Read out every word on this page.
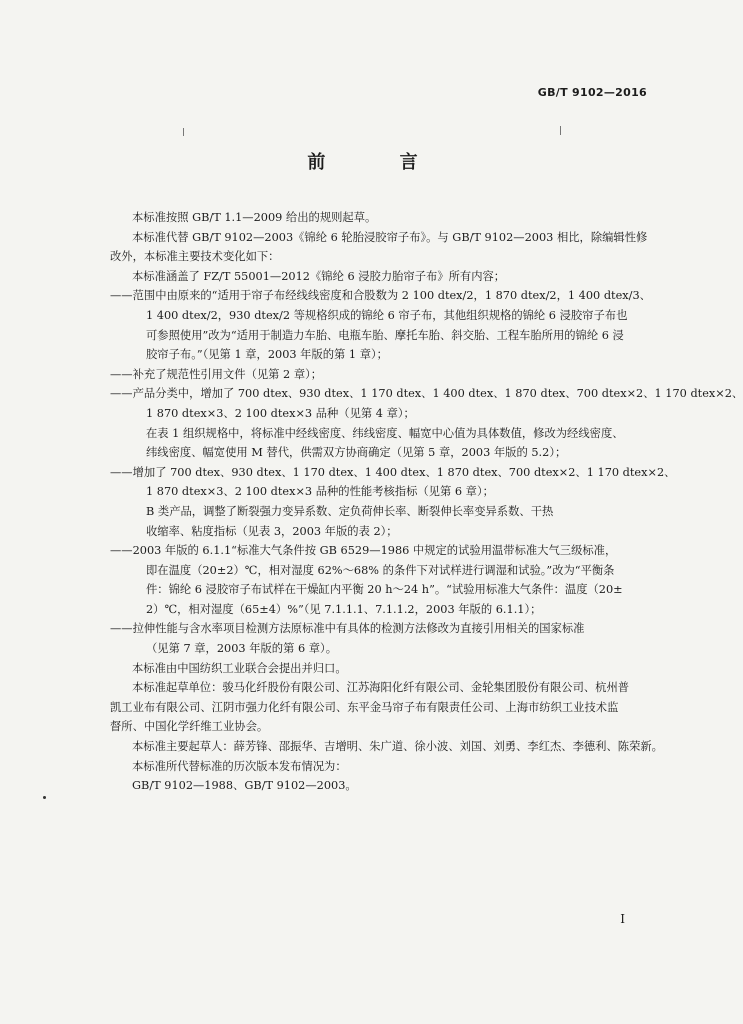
GB/T 9102—2016
前 言
本标准按照 GB/T 1.1—2009 给出的规则起草。
本标准代替 GB/T 9102—2003《锦纶 6 轮胎浸胶帘子布》。与 GB/T 9102—2003 相比，除编辑性修
改外，本标准主要技术变化如下：
本标准涵盖了 FZ/T 55001—2012《锦纶 6 浸胶力胎帘子布》所有内容；
——范围中由原来的“适用于帘子布经线线密度和合股数为 2 100 dtex/2，1 870 dtex/2，1 400 dtex/3、
1 400 dtex/2，930 dtex/2 等规格织成的锦纶 6 帘子布，其他组织规格的锦纶 6 浸胶帘子布也
可参照使用”改为“适用于制造力车胎、电瓶车胎、摩托车胎、斜交胎、工程车胎所用的锦纶 6 浸
胶帘子布。”（见第 1 章，2003 年版的第 1 章）；
——补充了规范性引用文件（见第 2 章）；
——产品分类中，增加了 700 dtex、930 dtex、1 170 dtex、1 400 dtex、1 870 dtex、700 dtex×2、1 170 dtex×2、
1 870 dtex×3、2 100 dtex×3 品种（见第 4 章）；
在表 1 组织规格中，将标准中经线密度、纬线密度、幅宽中心值为具体数值，修改为经线密度、
纬线密度、幅宽使用 M 替代，供需双方协商确定（见第 5 章，2003 年版的 5.2）；
——增加了 700 dtex、930 dtex、1 170 dtex、1 400 dtex、1 870 dtex、700 dtex×2、1 170 dtex×2、
1 870 dtex×3、2 100 dtex×3 品种的性能考核指标（见第 6 章）；
B 类产品，调整了断裂强力变异系数、定负荷伸长率、断裂伸长率变异系数、干热
收缩率、粘度指标（见表 3，2003 年版的表 2）；
——2003 年版的 6.1.1“标准大气条件按 GB 6529—1986 中规定的试验用温带标准大气三级标准，
即在温度（20±2）℃，相对湿度 62%～68% 的条件下对试样进行调湿和试验。”改为“平衡条
件：锦纶 6 浸胶帘子布试样在干燥缸内平衡 20 h～24 h”。“试验用标准大气条件：温度（20±
2）℃，相对湿度（65±4）%”（见 7.1.1.1、7.1.1.2，2003 年版的 6.1.1）；
——拉伸性能与含水率项目检测方法原标准中有具体的检测方法修改为直接引用相关的国家标准
（见第 7 章，2003 年版的第 6 章）。
本标准由中国纺织工业联合会提出并归口。
本标准起草单位：骏马化纤股份有限公司、江苏海阳化纤有限公司、金轮集团股份有限公司、杭州普
凯工业布有限公司、江阴市强力化纤有限公司、东平金马帘子布有限责任公司、上海市纺织工业技术监
督所、中国化学纤维工业协会。
本标准主要起草人：薛芳锋、邵振华、吉增明、朱广道、徐小波、刘国、刘勇、李红杰、李德利、陈荣新。
本标准所代替标准的历次版本发布情况为：
GB/T 9102—1988、GB/T 9102—2003。
I
